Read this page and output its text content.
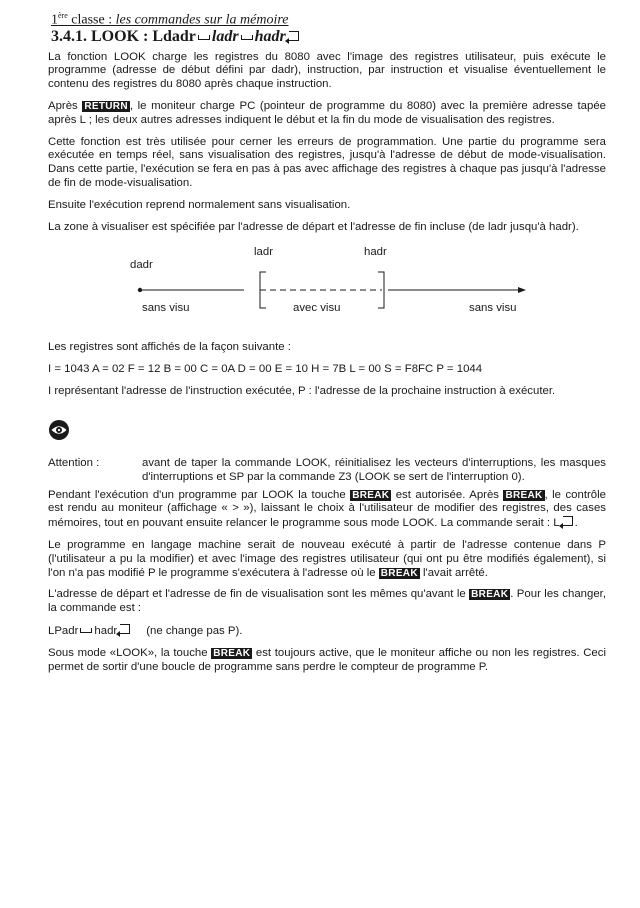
1ère classe : les commandes sur la mémoire
3.4.1. LOOK : Ldadr ladr hadr

La fonction LOOK charge les registres du 8080 avec l'image des registres utilisateur, puis exécute le programme (adresse de début défini par dadr), instruction, par instruction et visualise éventuellement le contenu des registres du 8080 après chaque instruction.

Après RETURN , le moniteur charge PC (pointeur de programme du 8080) avec la première adresse tapée après L ; les deux autres adresses indiquent le début et la fin du mode de visualisation des registres.

Cette fonction est très utilisée pour cerner les erreurs de programmation. Une partie du programme sera exécutée en temps réel, sans visualisation des registres, jusqu'à l'adresse de début de mode-visualisation. Dans cette partie, l'exécution se fera en pas à pas avec affichage des registres à chaque pas jusqu'à l'adresse de fin de mode-visualisation.

Ensuite l'exécution reprend normalement sans visualisation.

La zone à visualiser est spécifiée par l'adresse de départ et l'adresse de fin incluse (de ladr jusqu'à hadr).

dadr
ladr	hadr
sans visu	avec visu	sans visu

Les registres sont affichés de la façon suivante :

I = 1043 A = 02 F = 12 B = 00 C = 0A D = 00 E = 10 H = 7B L = 00 S = F8FC P = 1044

I représentant l'adresse de l'instruction exécutée, P : l'adresse de la prochaine instruction à exécuter.

Attention :	avant de taper la commande LOOK, réinitialisez les vecteurs d'interruptions, les masques d'interruptions et SP par la commande Z3 (LOOK se sert de l'interruption 0).

Pendant l'exécution d'un programme par LOOK la touche BREAK est autorisée. Après BREAK , le contrôle est rendu au moniteur (affichage « > »), laissant le choix à l'utilisateur de modifier des registres, des cases mémoires, tout en pouvant ensuite relancer le programme sous mode LOOK. La commande serait : L .

Le programme en langage machine serait de nouveau exécuté à partir de l'adresse contenue dans P (l'utilisateur a pu la modifier) et avec l'image des registres utilisateur (qui ont pu être modifiés également), si l'on n'a pas modifié P le programme s'exécutera à l'adresse où le BREAK l'avait arrêté.

L'adresse de départ et l'adresse de fin de visualisation sont les mêmes qu'avant le BREAK . Pour les changer, la commande est :

LPadr hadr	(ne change pas P).

Sous mode «LOOK», la touche BREAK est toujours active, que le moniteur affiche ou non les registres. Ceci permet de sortir d'une boucle de programme sans perdre le compteur de programme P.
